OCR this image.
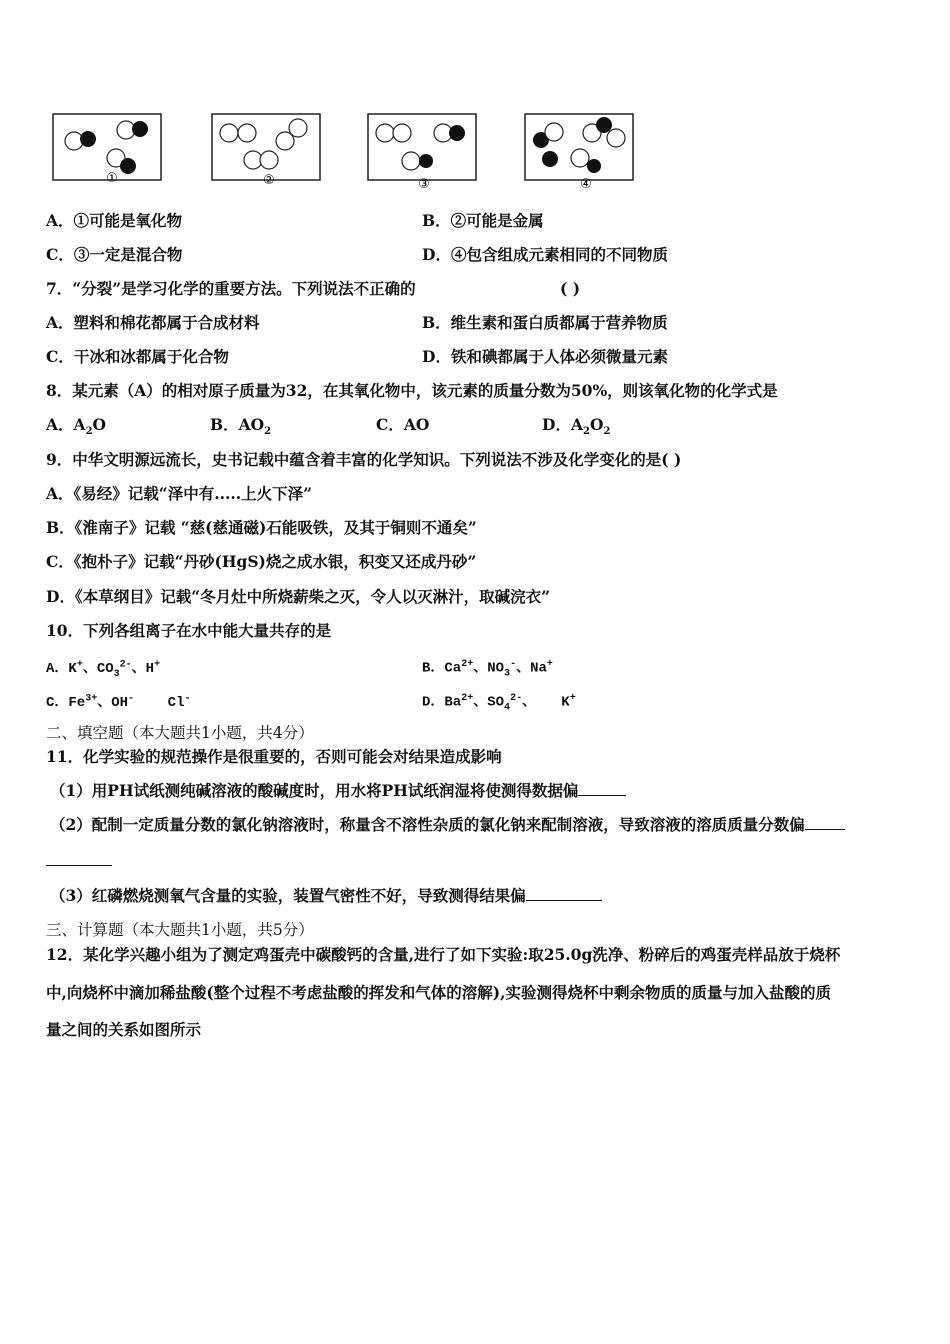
①	②	③	④
A．①可能是氧化物	B．②可能是金属
C．③一定是混合物	D．④包含组成元素相同的不同物质
7．“分裂”是学习化学的重要方法。下列说法不正确的	( )
A．塑料和棉花都属于合成材料	B．维生素和蛋白质都属于营养物质
C．干冰和冰都属于化合物	D．铁和碘都属于人体必须微量元素
8．某元素（A）的相对原子质量为32，在其氧化物中，该元素的质量分数为50%，则该氧化物的化学式是
A．$A_2O$	B．$AO_2$	C．AO	D．$A_2O_2$
9．中华文明源远流长，史书记载中蕴含着丰富的化学知识。下列说法不涉及化学变化的是( )
A．《易经》记载“泽中有.....上火下泽”
B．《淮南子》记载 “慈(慈通磁)石能吸铁，及其于铜则不通矣”
C．《抱朴子》记载“丹砂(HgS)烧之成水银，积变又还成丹砂”
D．《本草纲目》记载“冬月灶中所烧薪柴之灭，令人以灭淋汁，取碱浣衣”
10．下列各组离子在水中能大量共存的是
A．K+、$CO_3^{2-}$、H+	B．$Ca^{2+}$、$NO_3^-$、Na+
C．$Fe^{3+}$、OH- Cl-	D．$Ba^{2+}$、$SO_4^{2-}$、 K+
二、填空题（本大题共1小题，共4分）
11．化学实验的规范操作是很重要的，否则可能会对结果造成影响
（1）用PH试纸测纯碱溶液的酸碱度时，用水将PH试纸润湿将使测得数据偏
（2）配制一定质量分数的氯化钠溶液时，称量含不溶性杂质的氯化钠来配制溶液，导致溶液的溶质质量分数偏
（3）红磷燃烧测氧气含量的实验，装置气密性不好，导致测得结果偏
三、计算题（本大题共1小题，共5分）
12．某化学兴趣小组为了测定鸡蛋壳中碳酸钙的含量,进行了如下实验:取25.0g洗净、粉碎后的鸡蛋壳样品放于烧杯
中,向烧杯中滴加稀盐酸(整个过程不考虑盐酸的挥发和气体的溶解),实验测得烧杯中剩余物质的质量与加入盐酸的质
量之间的关系如图所示
